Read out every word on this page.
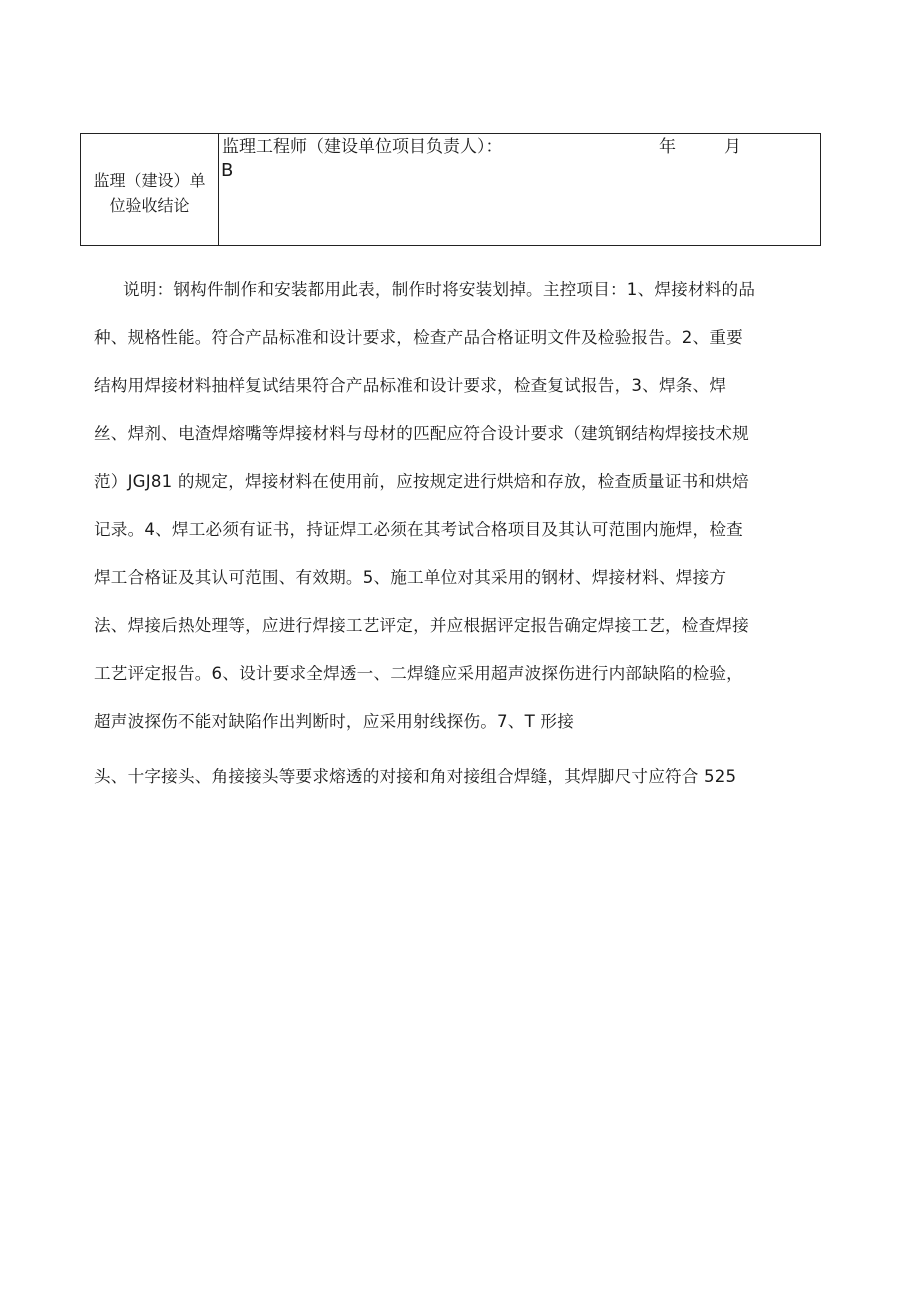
监理（建设）单
位验收结论

监理工程师（建设单位项目负责人）：	年	月
B
说明：钢构件制作和安装都用此表，制作时将安装划掉。主控项目：1、焊接材料的品
种、规格性能。符合产品标准和设计要求，检查产品合格证明文件及检验报告。2、重要
结构用焊接材料抽样复试结果符合产品标准和设计要求，检查复试报告，3、焊条、焊
丝、焊剂、电渣焊熔嘴等焊接材料与母材的匹配应符合设计要求（建筑钢结构焊接技术规
范）JGJ81 的规定，焊接材料在使用前，应按规定进行烘焙和存放，检查质量证书和烘焙
记录。4、焊工必须有证书，持证焊工必须在其考试合格项目及其认可范围内施焊，检查
焊工合格证及其认可范围、有效期。5、施工单位对其采用的钢材、焊接材料、焊接方
法、焊接后热处理等，应进行焊接工艺评定，并应根据评定报告确定焊接工艺，检查焊接
工艺评定报告。6、设计要求全焊透一、二焊缝应采用超声波探伤进行内部缺陷的检验，
超声波探伤不能对缺陷作出判断时，应采用射线探伤。7、T 形接
头、十字接头、角接接头等要求熔透的对接和角对接组合焊缝，其焊脚尺寸应符合 525
